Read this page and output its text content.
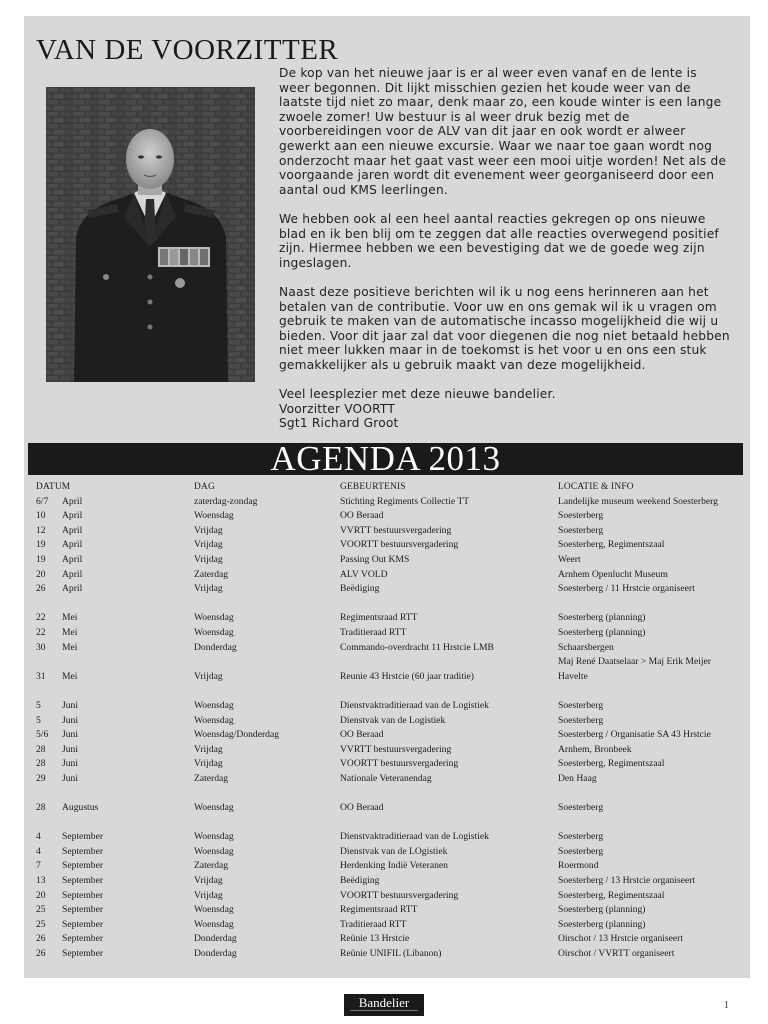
VAN DE VOORZITTER

De kop van het nieuwe jaar is er al weer even vanaf en de lente is weer begonnen. Dit lijkt misschien gezien het koude weer van de laatste tijd niet zo maar, denk maar zo, een koude winter is een lange zwoele zomer! Uw bestuur is al weer druk bezig met de voorbereidingen voor de ALV van dit jaar en ook wordt er alweer gewerkt aan een nieuwe excursie. Waar we naar toe gaan wordt nog onderzocht maar het gaat vast weer een mooi uitje worden! Net als de voorgaande jaren wordt dit evenement weer georganiseerd door een aantal oud KMS leerlingen.

We hebben ook al een heel aantal reacties gekregen op ons nieuwe blad en ik ben blij om te zeggen dat alle reacties overwegend positief zijn. Hiermee hebben we een bevestiging dat we de goede weg zijn ingeslagen.

Naast deze positieve berichten wil ik u nog eens herinneren aan het betalen van de contributie. Voor uw en ons gemak wil ik u vragen om gebruik te maken van de automatische incasso mogelijkheid die wij u bieden. Voor dit jaar zal dat voor diegenen die nog niet betaald hebben niet meer lukken maar in de toekomst is het voor u en ons een stuk gemakkelijker als u gebruik maakt van deze mogelijkheid.

Veel leesplezier met deze nieuwe bandelier.

Voorzitter VOORTT

Sgt1 Richard Groot

AGENDA 2013
DATUM	DAG	GEBEURTENIS	LOCATIE & INFO
6/7 April	zaterdag-zondag	Stichting Regiments Collectie TT	Landelijke museum weekend Soesterberg
10 April	Woensdag	OO Beraad	Soesterberg
12 April	Vrijdag	VVRTT bestuursvergadering	Soesterberg
19 April	Vrijdag	VOORTT bestuursvergadering	Soesterberg, Regimentszaal
19 April	Vrijdag	Passing Out KMS	Weert
20 April	Zaterdag	ALV VOLD	Arnhem Openlucht Museum
26 April	Vrijdag	Beëdiging	Soesterberg / 11 Hrstcie organiseert
22 Mei	Woensdag	Regimentsraad RTT	Soesterberg (planning)
22 Mei	Woensdag	Traditieraad RTT	Soesterberg (planning)
30 Mei	Donderdag	Commando-overdracht 11 Hrstcie LMB	Schaarsbergen
Maj René Daatselaar > Maj Erik Meijer
31 Mei	Vrijdag	Reunie 43 Hrstcie (60 jaar traditie)	Havelte
5 Juni	Woensdag	Dienstvaktraditieraad van de Logistiek	Soesterberg
5 Juni	Woensdag	Dienstvak van de Logistiek	Soesterberg
5/6 Juni	Woensdag/Donderdag	OO Beraad	Soesterberg / Organisatie SA 43 Hrstcie
28 Juni	Vrijdag	VVRTT bestuursvergadering	Arnhem, Bronbeek
28 Juni	Vrijdag	VOORTT bestuursvergadering	Soesterberg, Regimentszaal
29 Juni	Zaterdag	Nationale Veteranendag	Den Haag
28 Augustus	Woensdag	OO Beraad	Soesterberg
4 September	Woensdag	Dienstvaktraditieraad van de Logistiek	Soesterberg
4 September	Woensdag	Dienstvak van de LOgistiek	Soesterberg
7 September	Zaterdag	Herdenking Indië Veteranen	Roermond
13 September	Vrijdag	Beëdiging	Soesterberg / 13 Hrstcie organiseert
20 September	Vrijdag	VOORTT bestuursvergadering	Soesterberg, Regimentszaal
25 September	Woensdag	Regimentsraad RTT	Soesterberg (planning)
25 September	Woensdag	Traditieraad RTT	Soesterberg (planning)
26 September	Donderdag	Reünie 13 Hrstcie	Oirschot / 13 Hrstcie organiseert
26 September	Donderdag	Reünie UNIFIL (Libanon)	Oirschot / VVRTT organiseert
Bandelier	1
